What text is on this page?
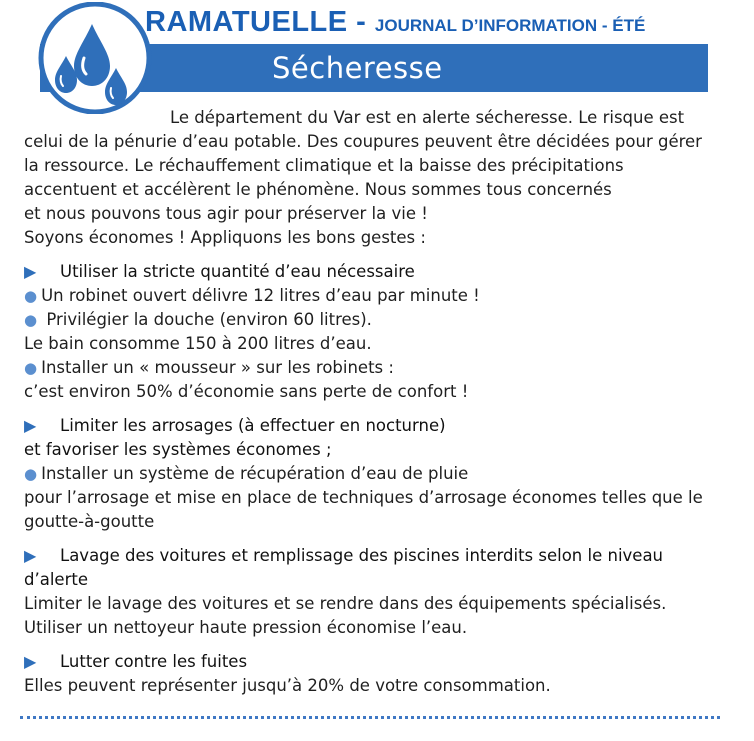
RAMATUELLE - JOURNAL D’INFORMATION - ÉTÉ
Sécheresse
Le département du Var est en alerte sécheresse. Le risque est
celui de la pénurie d’eau potable. Des coupures peuvent être décidées pour gérer
la ressource. Le réchauffement climatique et la baisse des précipitations
accentuent et accélèrent le phénomène. Nous sommes tous concernés
et nous pouvons tous agir pour préserver la vie !
Soyons économes ! Appliquons les bons gestes :
▶ Utiliser la stricte quantité d’eau nécessaire
● Un robinet ouvert délivre 12 litres d’eau par minute !
● Privilégier la douche (environ 60 litres).
Le bain consomme 150 à 200 litres d’eau.
● Installer un « mousseur » sur les robinets :
c’est environ 50% d’économie sans perte de confort !
▶ Limiter les arrosages (à effectuer en nocturne)
et favoriser les systèmes économes ;
● Installer un système de récupération d’eau de pluie
pour l’arrosage et mise en place de techniques d’arrosage économes telles que le
goutte-à-goutte
▶ Lavage des voitures et remplissage des piscines interdits selon le niveau
d’alerte
Limiter le lavage des voitures et se rendre dans des équipements spécialisés.
Utiliser un nettoyeur haute pression économise l’eau.
▶ Lutter contre les fuites
Elles peuvent représenter jusqu’à 20% de votre consommation.
